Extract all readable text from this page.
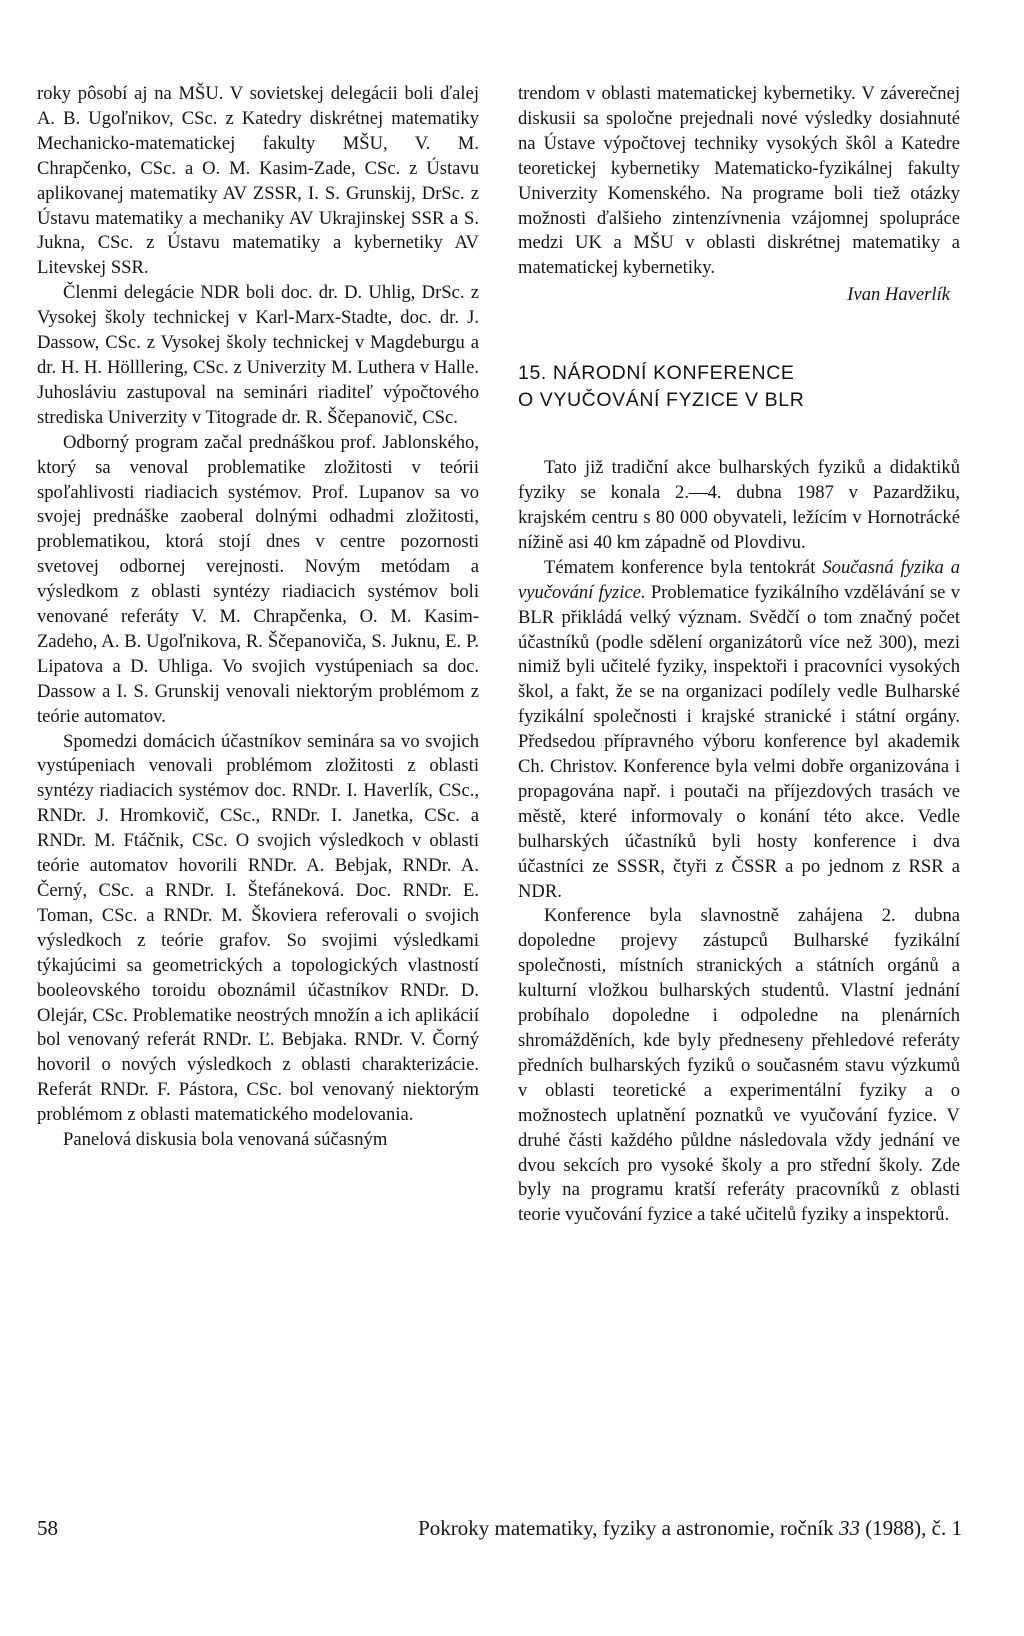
roky pôsobí aj na MŠU. V sovietskej delegácii boli ďalej A. B. Ugoľnikov, CSc. z Katedry diskrétnej matematiky Mechanicko-matematickej fakulty MŠU, V. M. Chrapčenko, CSc. a O. M. Kasim-Zade, CSc. z Ústavu aplikovanej matematiky AV ZSSR, I. S. Grunskij, DrSc. z Ústavu matematiky a mechaniky AV Ukrajinskej SSR a S. Jukna, CSc. z Ústavu matematiky a kybernetiky AV Litevskej SSR.

Členmi delegácie NDR boli doc. dr. D. Uhlig, DrSc. z Vysokej školy technickej v Karl-Marx-Stadte, doc. dr. J. Dassow, CSc. z Vysokej školy technickej v Magdeburgu a dr. H. H. Hölllering, CSc. z Univerzity M. Luthera v Halle. Juhosláviu zastupoval na seminári riaditeľ výpočtového strediska Univerzity v Titograde dr. R. Ščepanovič, CSc.

Odborný program začal prednáškou prof. Jablonského, ktorý sa venoval problematike zložitosti v teórii spoľahlivosti riadiacich systémov. Prof. Lupanov sa vo svojej prednáške zaoberal dolnými odhadmi zložitosti, problematikou, ktorá stojí dnes v centre pozornosti svetovej odbornej verejnosti. Novým metódam a výsledkom z oblasti syntézy riadiacich systémov boli venované referáty V. M. Chrapčenka, O. M. Kasim-Zadeho, A. B. Ugoľnikova, R. Ščepanoviča, S. Juknu, E. P. Lipatova a D. Uhliga. Vo svojich vystúpeniach sa doc. Dassow a I. S. Grunskij venovali niektorým problémom z teórie automatov.

Spomedzi domácich účastníkov seminára sa vo svojich vystúpeniach venovali problémom zložitosti z oblasti syntézy riadiacich systémov doc. RNDr. I. Haverlík, CSc., RNDr. J. Hromkovič, CSc., RNDr. I. Janetka, CSc. a RNDr. M. Ftáčnik, CSc. O svojich výsledkoch v oblasti teórie automatov hovorili RNDr. A. Bebjak, RNDr. A. Černý, CSc. a RNDr. I. Štefáneková. Doc. RNDr. E. Toman, CSc. a RNDr. M. Škoviera referovali o svojich výsledkoch z teórie grafov. So svojimi výsledkami týkajúcimi sa geometrických a topologických vlastností booleovského toroidu oboznámil účastníkov RNDr. D. Olejár, CSc. Problematike neostrých množín a ich aplikácií bol venovaný referát RNDr. Ľ. Bebjaka. RNDr. V. Čorný hovoril o nových výsledkoch z oblasti charakterizácie. Referát RNDr. F. Pástora, CSc. bol venovaný niektorým problémom z oblasti matematického modelovania.

Panelová diskusia bola venovaná súčasným

trendom v oblasti matematickej kybernetiky. V záverečnej diskusii sa spoločne prejednali nové výsledky dosiahnuté na Ústave výpočtovej techniky vysokých škôl a Katedre teoretickej kybernetiky Matematicko-fyzikálnej fakulty Univerzity Komenského. Na programe boli tiež otázky možnosti ďalšieho zintenzívnenia vzájomnej spolupráce medzi UK a MŠU v oblasti diskrétnej matematiky a matematickej kybernetiky.

Ivan Haverlík
15. NÁRODNÍ KONFERENCE
O VYUČOVÁNÍ FYZICE V BLR

Tato již tradiční akce bulharských fyziků a didaktiků fyziky se konala 2.—4. dubna 1987 v Pazardžiku, krajském centru s 80 000 obyvateli, ležícím v Hornotrácké nížině asi 40 km západně od Plovdivu.

Tématem konference byla tentokrát Současná fyzika a vyučování fyzice. Problematice fyzikálního vzdělávání se v BLR přikládá velký význam. Svědčí o tom značný počet účastníků (podle sdělení organizátorů více než 300), mezi nimiž byli učitelé fyziky, inspektoři i pracovníci vysokých škol, a fakt, že se na organizaci podílely vedle Bulharské fyzikální společnosti i krajské stranické i státní orgány. Předsedou přípravného výboru konference byl akademik Ch. Christov. Konference byla velmi dobře organizována i propagována např. i poutači na příjezdových trasách ve městě, které informovaly o konání této akce. Vedle bulharských účastníků byli hosty konference i dva účastníci ze SSSR, čtyři z ČSSR a po jednom z RSR a NDR.

Konference byla slavnostně zahájena 2. dubna dopoledne projevy zástupců Bulharské fyzikální společnosti, místních stranických a státních orgánů a kulturní vložkou bulharských studentů. Vlastní jednání probíhalo dopoledne i odpoledne na plenárních shromážděních, kde byly předneseny přehledové referáty předních bulharských fyziků o současném stavu výzkumů v oblasti teoretické a experimentální fyziky a o možnostech uplatnění poznatků ve vyučování fyzice. V druhé části každého půldne následovala vždy jednání ve dvou sekcích pro vysoké školy a pro střední školy. Zde byly na programu kratší referáty pracovníků z oblasti teorie vyučování fyzice a také učitelů fyziky a inspektorů.

58	Pokroky matematiky, fyziky a astronomie, ročník 33 (1988), č. 1
